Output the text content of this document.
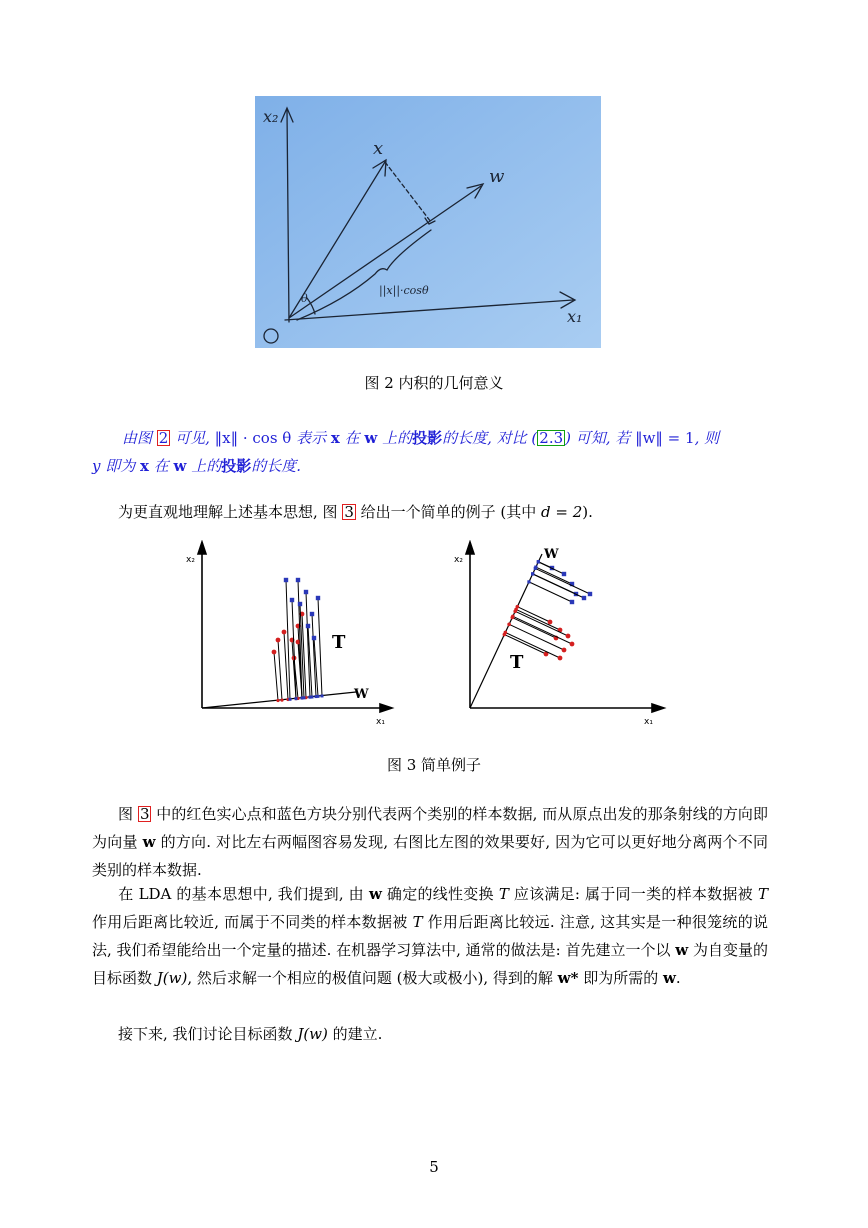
x₂
x
w
θ
||x||·cosθ
x₁
图 2 内积的几何意义
由图 2 可见, ‖x‖ · cos θ 表示 x 在 w 上的投影的长度, 对比 ( 2.3 ) 可知, 若 ‖w‖ = 1, 则
y 即为 x 在 w 上的投影的长度.
为更直观地理解上述基本思想, 图 3 给出一个简单的例子 (其中 d = 2).
x₂
x₁
T
W
x₂
x₁
T
W
图 3 简单例子
图 3 中的红色实心点和蓝色方块分别代表两个类别的样本数据, 而从原点出发的那条射线的方向即为向量 w 的方向. 对比左右两幅图容易发现, 右图比左图的效果要好, 因为它可以更好地分离两个不同类别的样本数据.
在 LDA 的基本思想中, 我们提到, 由 w 确定的线性变换 T 应该满足: 属于同一类的样本数据被 T 作用后距离比较近, 而属于不同类的样本数据被 T 作用后距离比较远. 注意, 这其实是一种很笼统的说法, 我们希望能给出一个定量的描述. 在机器学习算法中, 通常的做法是: 首先建立一个以 w 为自变量的目标函数 J(w), 然后求解一个相应的极值问题 (极大或极小), 得到的解 w* 即为所需的 w.
接下来, 我们讨论目标函数 J(w) 的建立.
5
